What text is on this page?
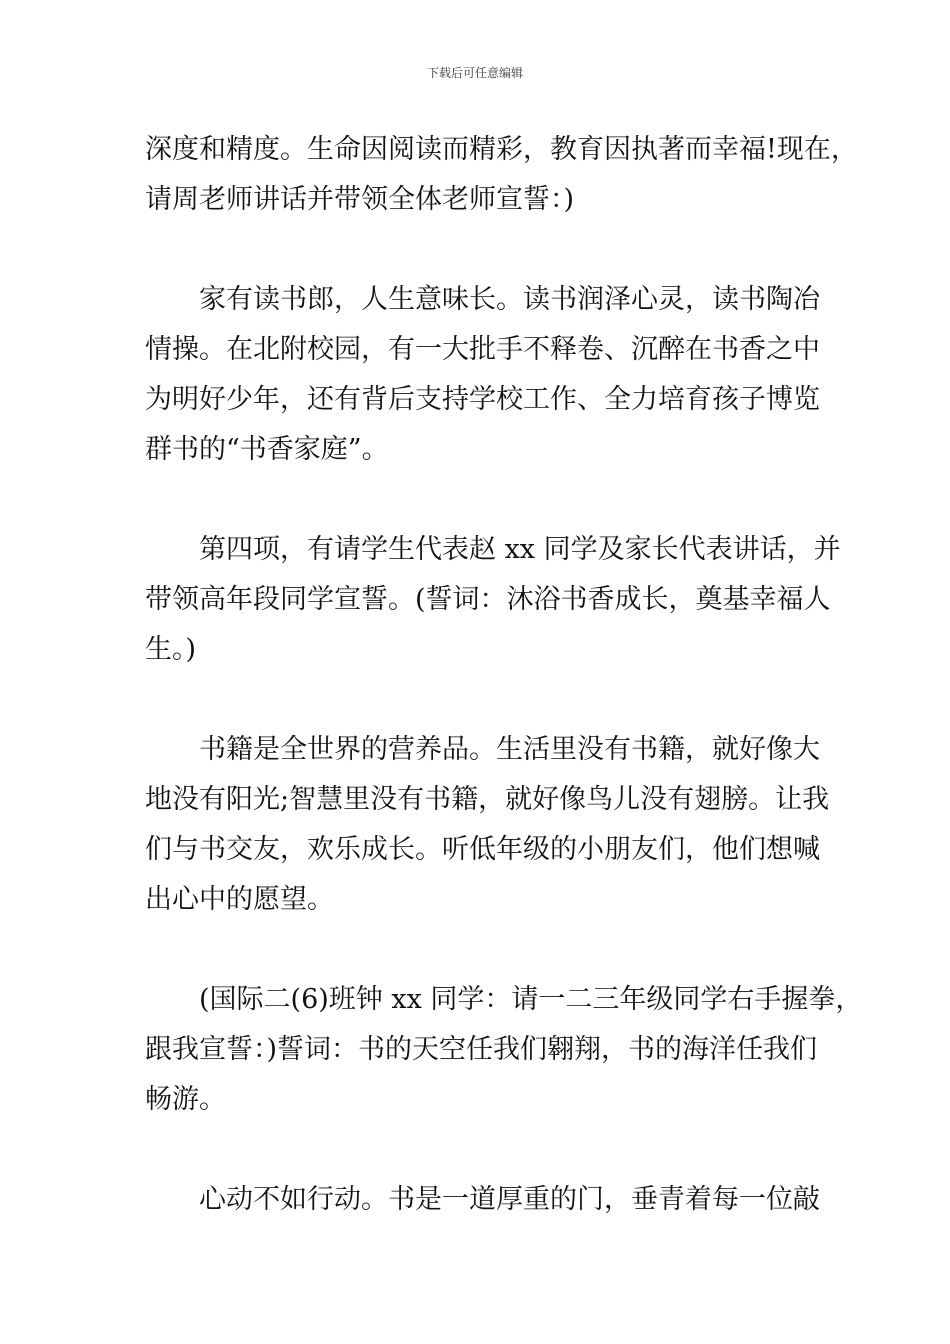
下载后可任意编辑
深度和精度。生命因阅读而精彩，教育因执著而幸福!现在，
请周老师讲话并带领全体老师宣誓：)
家有读书郎，人生意味长。读书润泽心灵，读书陶冶
情操。在北附校园，有一大批手不释卷、沉醉在书香之中
为明好少年，还有背后支持学校工作、全力培育孩子博览
群书的“书香家庭”。
第四项，有请学生代表赵 xx 同学及家长代表讲话，并
带领高年段同学宣誓。(誓词：沐浴书香成长，奠基幸福人
生。)
书籍是全世界的营养品。生活里没有书籍，就好像大
地没有阳光;智慧里没有书籍，就好像鸟儿没有翅膀。让我
们与书交友，欢乐成长。听低年级的小朋友们，他们想喊
出心中的愿望。
(国际二(6)班钟 xx 同学：请一二三年级同学右手握拳，
跟我宣誓：)誓词：书的天空任我们翱翔，书的海洋任我们
畅游。
心动不如行动。书是一道厚重的门，垂青着每一位敲
